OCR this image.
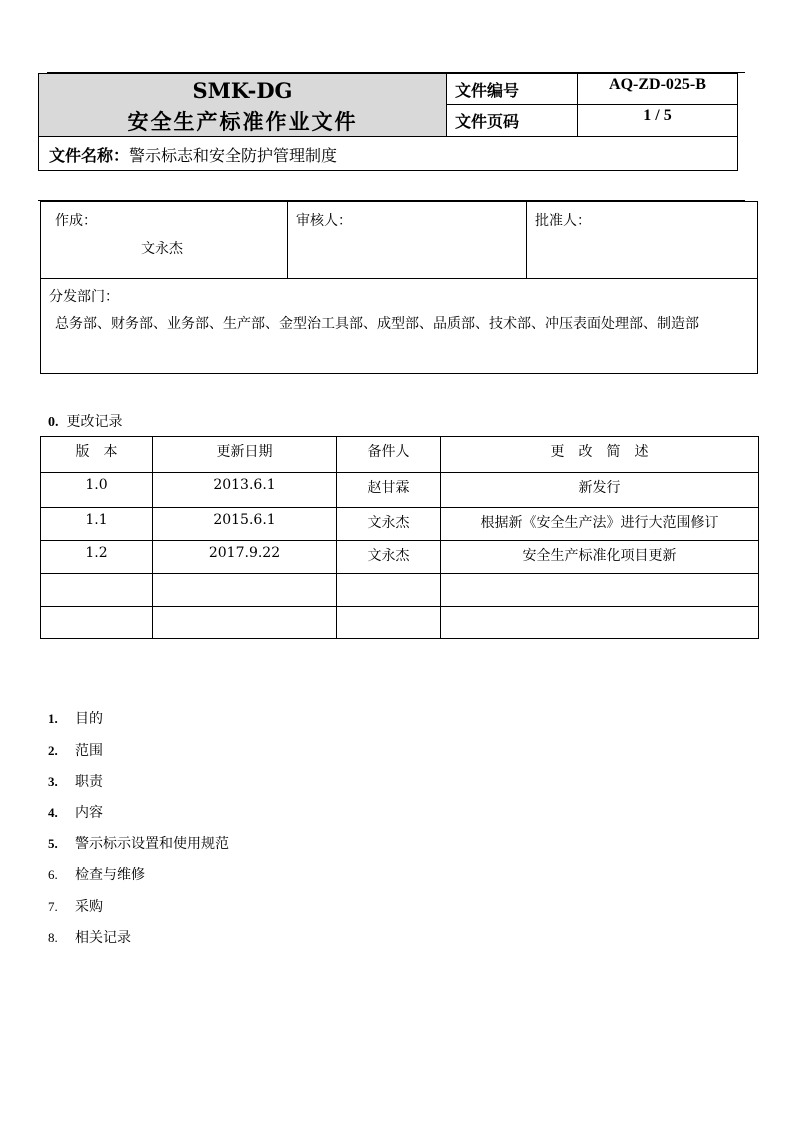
SMK-DG
安全生产标准作业文件
文件编号	AQ-ZD-025-B
文件页码	1 / 5
文件名称：警示标志和安全防护管理制度
作成：
文永杰
审核人：	批准人：
分发部门：
总务部、财务部、业务部、生产部、金型治工具部、成型部、品质部、技术部、冲压表面处理部、制造部
0. 更改记录
版　本	更新日期	备件人	更　改　简　述
1.0	2013.6.1	赵甘霖	新发行
1.1	2015.6.1	文永杰	根据新《安全生产法》进行大范围修订
1.2	2017.9.22	文永杰	安全生产标准化项目更新

1. 目的
2. 范围
3. 职责
4. 内容
5. 警示标示设置和使用规范
6. 检查与维修
7. 采购
8. 相关记录
